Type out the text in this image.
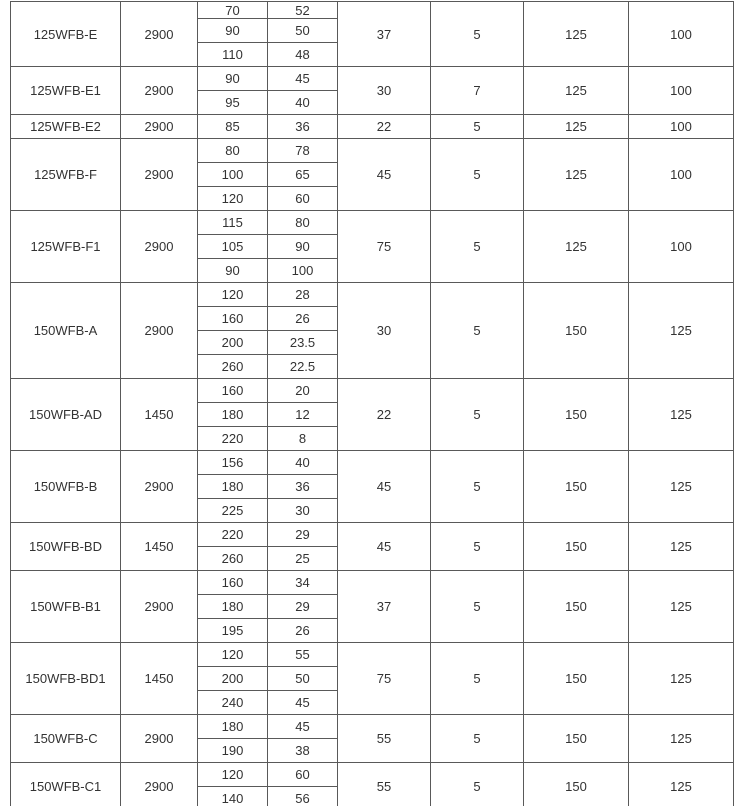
125WFB-E	2900	70	52	37	5	125	100
		90	50				
		110	48				
125WFB-E1	2900	90	45	30	7	125	100
		95	40				
125WFB-E2	2900	85	36	22	5	125	100
125WFB-F	2900	80	78	45	5	125	100
		100	65				
		120	60				
125WFB-F1	2900	115	80	75	5	125	100
		105	90				
		90	100				
150WFB-A	2900	120	28	30	5	150	125
		160	26				
		200	23.5				
		260	22.5				
150WFB-AD	1450	160	20	22	5	150	125
		180	12				
		220	8				
150WFB-B	2900	156	40	45	5	150	125
		180	36				
		225	30				
150WFB-BD	1450	220	29	45	5	150	125
		260	25				
150WFB-B1	2900	160	34	37	5	150	125
		180	29				
		195	26				
150WFB-BD1	1450	120	55	75	5	150	125
		200	50				
		240	45				
150WFB-C	2900	180	45	55	5	150	125
		190	38				
150WFB-C1	2900	120	60	55	5	150	125
		140	56				
